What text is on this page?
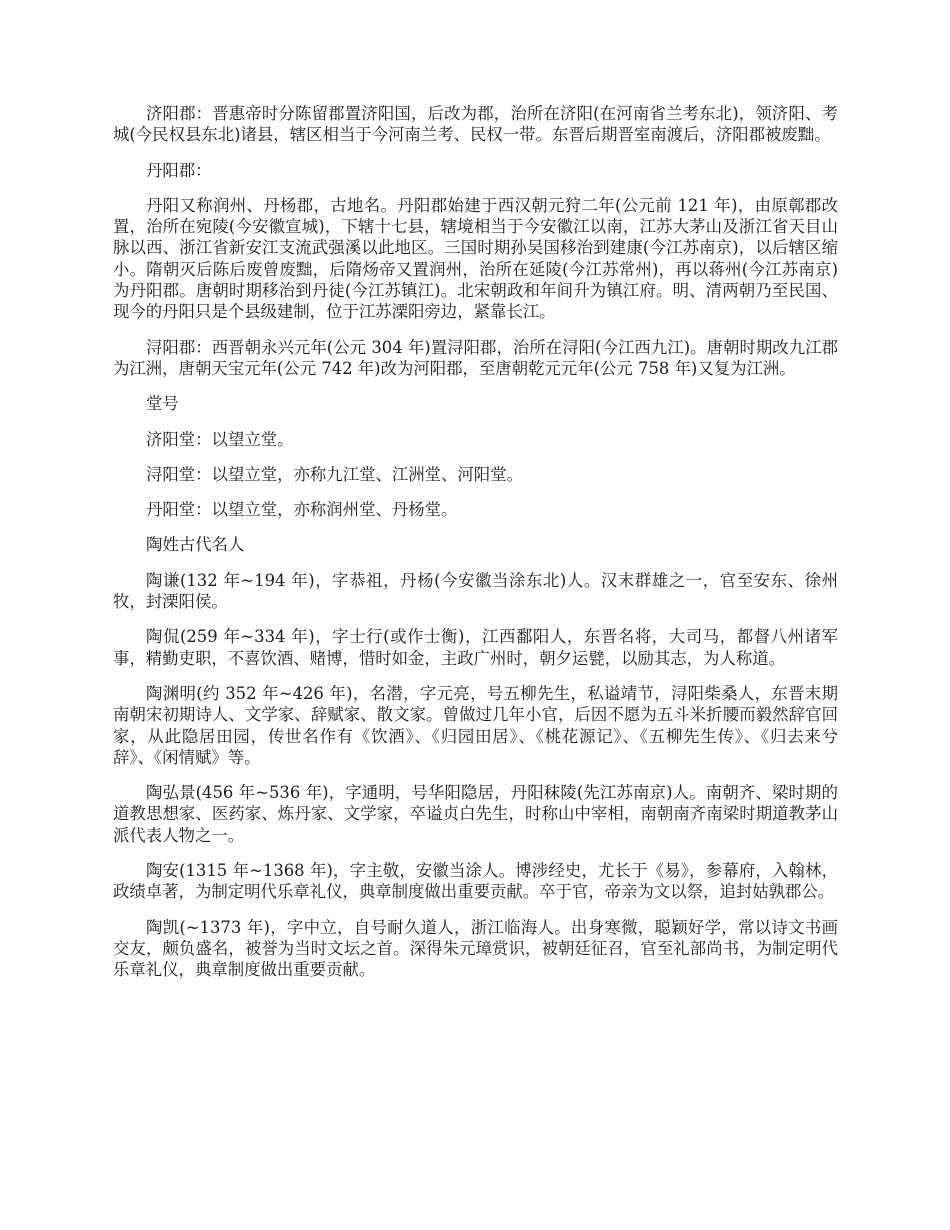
济阳郡：晋惠帝时分陈留郡置济阳国，后改为郡，治所在济阳(在河南省兰考东北)，领济阳、考城(今民权县东北)诸县，辖区相当于今河南兰考、民权一带。东晋后期晋室南渡后，济阳郡被废黜。

丹阳郡：

丹阳又称润州、丹杨郡，古地名。丹阳郡始建于西汉朝元狩二年(公元前 121 年)，由原鄣郡改置，治所在宛陵(今安徽宣城)，下辖十七县，辖境相当于今安徽江以南，江苏大茅山及浙江省天目山脉以西、浙江省新安江支流武强溪以此地区。三国时期孙吴国移治到建康(今江苏南京)，以后辖区缩小。隋朝灭后陈后废曾废黜，后隋炀帝又置润州，治所在延陵(今江苏常州)，再以蒋州(今江苏南京)为丹阳郡。唐朝时期移治到丹徒(今江苏镇江)。北宋朝政和年间升为镇江府。明、清两朝乃至民国、现今的丹阳只是个县级建制，位于江苏溧阳旁边，紧靠长江。

浔阳郡：西晋朝永兴元年(公元 304 年)置浔阳郡，治所在浔阳(今江西九江)。唐朝时期改九江郡为江洲，唐朝天宝元年(公元 742 年)改为河阳郡，至唐朝乾元元年(公元 758 年)又复为江洲。

堂号

济阳堂：以望立堂。

浔阳堂：以望立堂，亦称九江堂、江洲堂、河阳堂。

丹阳堂：以望立堂，亦称润州堂、丹杨堂。

陶姓古代名人

陶谦(132 年~194 年)，字恭祖，丹杨(今安徽当涂东北)人。汉末群雄之一，官至安东、徐州牧，封溧阳侯。

陶侃(259 年~334 年)，字士行(或作士衡)，江西鄱阳人，东晋名将，大司马，都督八州诸军事，精勤吏职，不喜饮酒、赌博，惜时如金，主政广州时，朝夕运甓，以励其志，为人称道。

陶渊明(约 352 年~426 年)，名潜，字元亮，号五柳先生，私谥靖节，浔阳柴桑人，东晋末期南朝宋初期诗人、文学家、辞赋家、散文家。曾做过几年小官，后因不愿为五斗米折腰而毅然辞官回家，从此隐居田园，传世名作有《饮酒》、《归园田居》、《桃花源记》、《五柳先生传》、《归去来兮辞》、《闲情赋》等。

陶弘景(456 年~536 年)，字通明，号华阳隐居，丹阳秣陵(先江苏南京)人。南朝齐、梁时期的道教思想家、医药家、炼丹家、文学家，卒谥贞白先生，时称山中宰相，南朝南齐南梁时期道教茅山派代表人物之一。

陶安(1315 年~1368 年)，字主敬，安徽当涂人。博涉经史，尤长于《易》，参幕府，入翰林，政绩卓著，为制定明代乐章礼仪，典章制度做出重要贡献。卒于官，帝亲为文以祭，追封姑孰郡公。

陶凯(~1373 年)，字中立，自号耐久道人，浙江临海人。出身寒微，聪颖好学，常以诗文书画交友，颇负盛名，被誉为当时文坛之首。深得朱元璋赏识，被朝廷征召，官至礼部尚书，为制定明代乐章礼仪，典章制度做出重要贡献。
